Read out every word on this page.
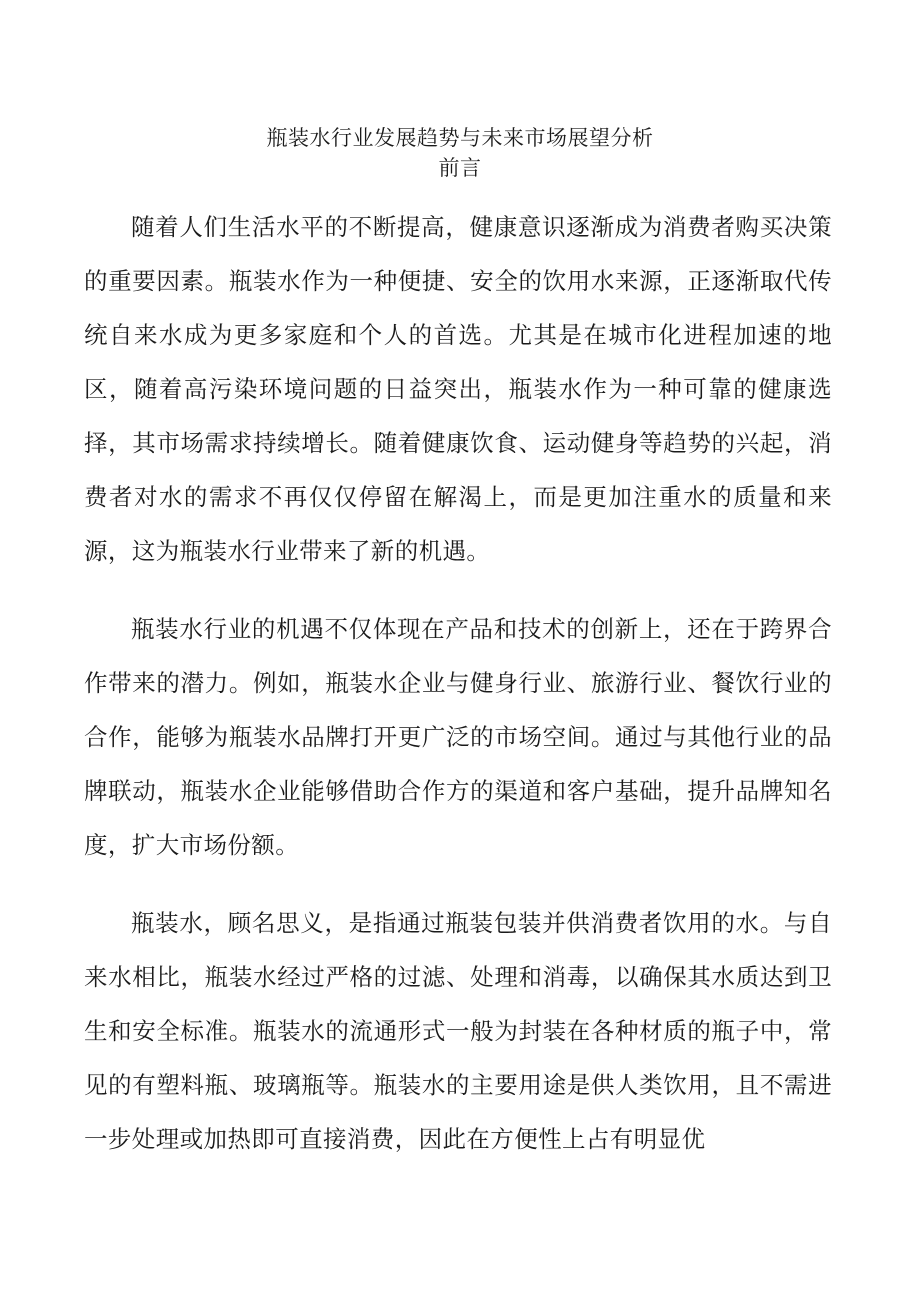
瓶装水行业发展趋势与未来市场展望分析
前言

随着人们生活水平的不断提高，健康意识逐渐成为消费者购买决策的重要因素。瓶装水作为一种便捷、安全的饮用水来源，正逐渐取代传统自来水成为更多家庭和个人的首选。尤其是在城市化进程加速的地区，随着高污染环境问题的日益突出，瓶装水作为一种可靠的健康选择，其市场需求持续增长。随着健康饮食、运动健身等趋势的兴起，消费者对水的需求不再仅仅停留在解渴上，而是更加注重水的质量和来源，这为瓶装水行业带来了新的机遇。

瓶装水行业的机遇不仅体现在产品和技术的创新上，还在于跨界合作带来的潜力。例如，瓶装水企业与健身行业、旅游行业、餐饮行业的合作，能够为瓶装水品牌打开更广泛的市场空间。通过与其他行业的品牌联动，瓶装水企业能够借助合作方的渠道和客户基础，提升品牌知名度，扩大市场份额。

瓶装水，顾名思义，是指通过瓶装包装并供消费者饮用的水。与自来水相比，瓶装水经过严格的过滤、处理和消毒，以确保其水质达到卫生和安全标准。瓶装水的流通形式一般为封装在各种材质的瓶子中，常见的有塑料瓶、玻璃瓶等。瓶装水的主要用途是供人类饮用，且不需进一步处理或加热即可直接消费，因此在方便性上占有明显优
